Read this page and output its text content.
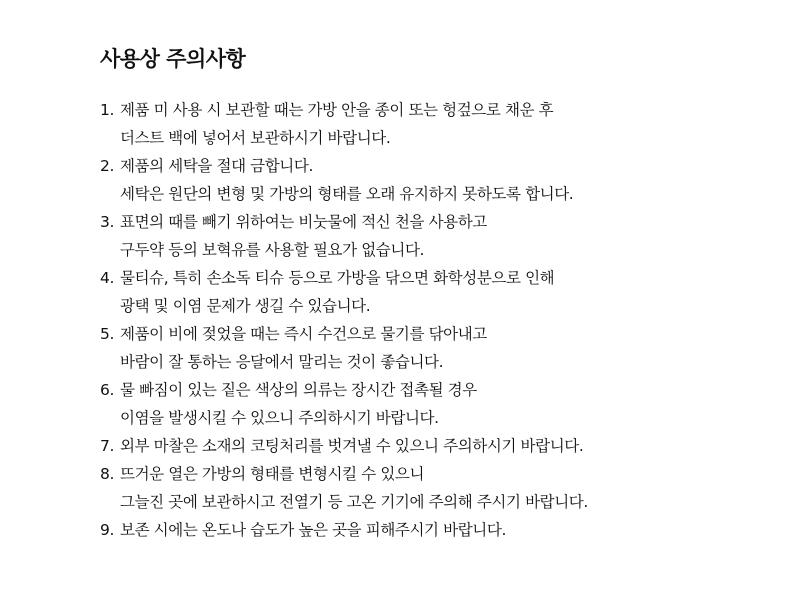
사용상 주의사항
1. 제품 미 사용 시 보관할 때는 가방 안을 종이 또는 헝겊으로 채운 후
더스트 백에 넣어서 보관하시기 바랍니다.
2. 제품의 세탁을 절대 금합니다.
세탁은 원단의 변형 및 가방의 형태를 오래 유지하지 못하도록 합니다.
3. 표면의 때를 빼기 위하여는 비눗물에 적신 천을 사용하고
구두약 등의 보혁유를 사용할 필요가 없습니다.
4. 물티슈, 특히 손소독 티슈 등으로 가방을 닦으면 화학성분으로 인해
광택 및 이염 문제가 생길 수 있습니다.
5. 제품이 비에 젖었을 때는 즉시 수건으로 물기를 닦아내고
바람이 잘 통하는 응달에서 말리는 것이 좋습니다.
6. 물 빠짐이 있는 짙은 색상의 의류는 장시간 접촉될 경우
이염을 발생시킬 수 있으니 주의하시기 바랍니다.
7. 외부 마찰은 소재의 코팅처리를 벗겨낼 수 있으니 주의하시기 바랍니다.
8. 뜨거운 열은 가방의 형태를 변형시킬 수 있으니
그늘진 곳에 보관하시고 전열기 등 고온 기기에 주의해 주시기 바랍니다.
9. 보존 시에는 온도나 습도가 높은 곳을 피해주시기 바랍니다.
